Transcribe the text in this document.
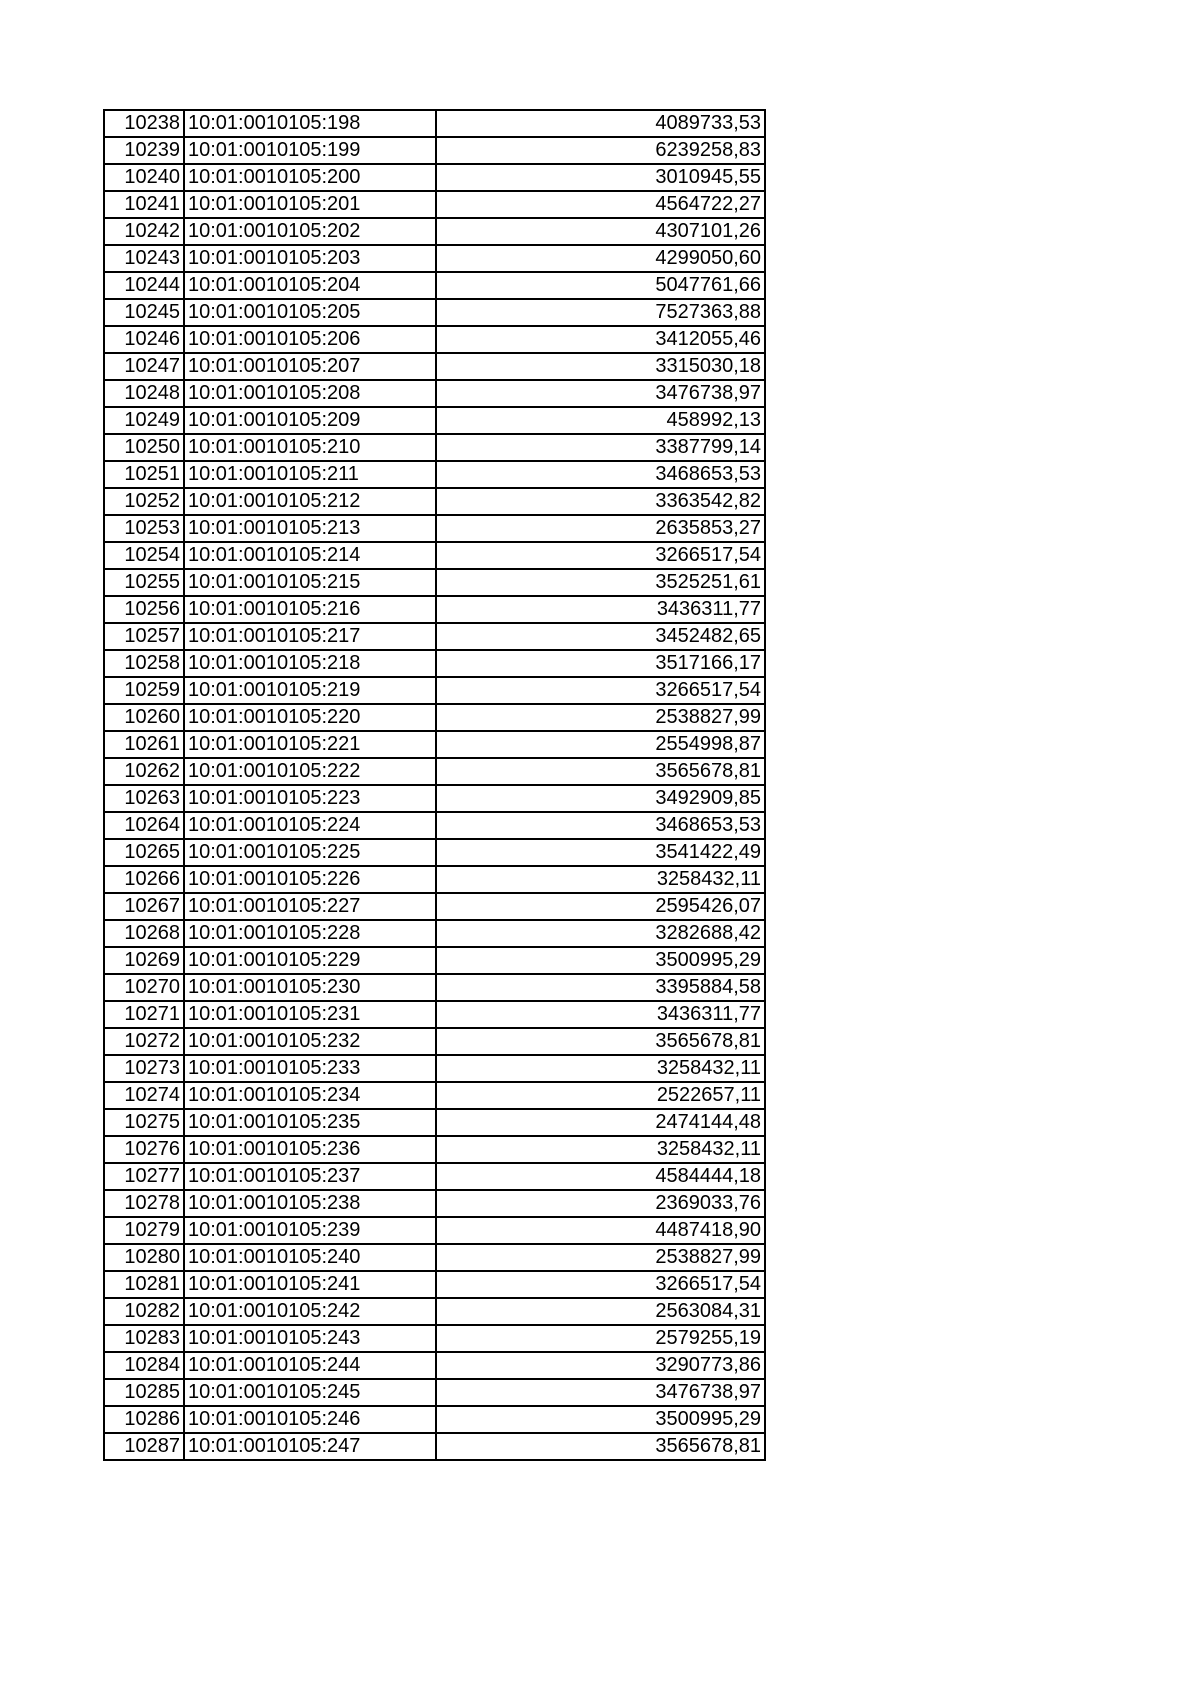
10238	10:01:0010105:198	4089733,53
10239	10:01:0010105:199	6239258,83
10240	10:01:0010105:200	3010945,55
10241	10:01:0010105:201	4564722,27
10242	10:01:0010105:202	4307101,26
10243	10:01:0010105:203	4299050,60
10244	10:01:0010105:204	5047761,66
10245	10:01:0010105:205	7527363,88
10246	10:01:0010105:206	3412055,46
10247	10:01:0010105:207	3315030,18
10248	10:01:0010105:208	3476738,97
10249	10:01:0010105:209	458992,13
10250	10:01:0010105:210	3387799,14
10251	10:01:0010105:211	3468653,53
10252	10:01:0010105:212	3363542,82
10253	10:01:0010105:213	2635853,27
10254	10:01:0010105:214	3266517,54
10255	10:01:0010105:215	3525251,61
10256	10:01:0010105:216	3436311,77
10257	10:01:0010105:217	3452482,65
10258	10:01:0010105:218	3517166,17
10259	10:01:0010105:219	3266517,54
10260	10:01:0010105:220	2538827,99
10261	10:01:0010105:221	2554998,87
10262	10:01:0010105:222	3565678,81
10263	10:01:0010105:223	3492909,85
10264	10:01:0010105:224	3468653,53
10265	10:01:0010105:225	3541422,49
10266	10:01:0010105:226	3258432,11
10267	10:01:0010105:227	2595426,07
10268	10:01:0010105:228	3282688,42
10269	10:01:0010105:229	3500995,29
10270	10:01:0010105:230	3395884,58
10271	10:01:0010105:231	3436311,77
10272	10:01:0010105:232	3565678,81
10273	10:01:0010105:233	3258432,11
10274	10:01:0010105:234	2522657,11
10275	10:01:0010105:235	2474144,48
10276	10:01:0010105:236	3258432,11
10277	10:01:0010105:237	4584444,18
10278	10:01:0010105:238	2369033,76
10279	10:01:0010105:239	4487418,90
10280	10:01:0010105:240	2538827,99
10281	10:01:0010105:241	3266517,54
10282	10:01:0010105:242	2563084,31
10283	10:01:0010105:243	2579255,19
10284	10:01:0010105:244	3290773,86
10285	10:01:0010105:245	3476738,97
10286	10:01:0010105:246	3500995,29
10287	10:01:0010105:247	3565678,81
